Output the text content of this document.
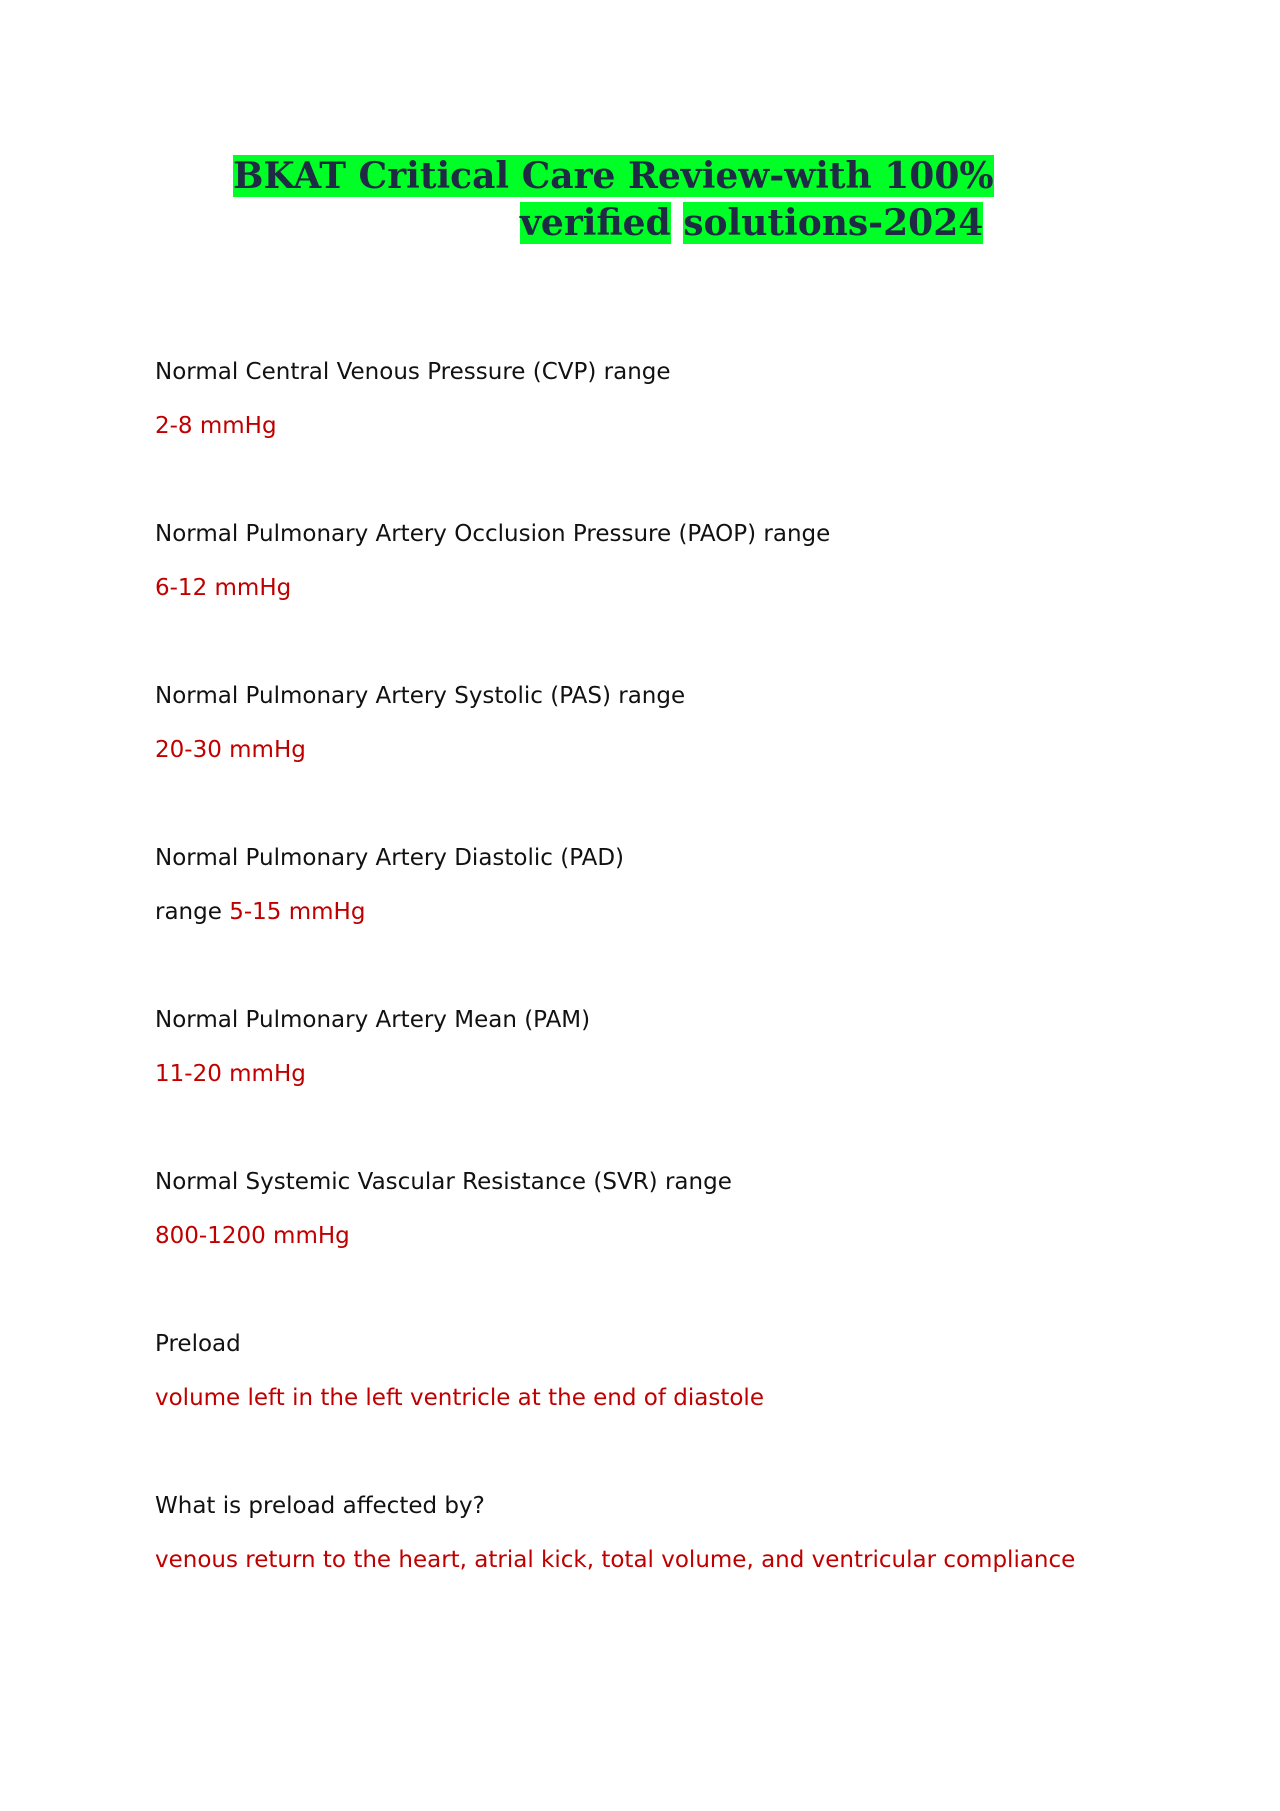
BKAT Critical Care Review-with 100%
verified solutions-2024
Normal Central Venous Pressure (CVP) range
2-8 mmHg
Normal Pulmonary Artery Occlusion Pressure (PAOP) range
6-12 mmHg
Normal Pulmonary Artery Systolic (PAS) range
20-30 mmHg
Normal Pulmonary Artery Diastolic (PAD)
range 5-15 mmHg
Normal Pulmonary Artery Mean (PAM)
11-20 mmHg
Normal Systemic Vascular Resistance (SVR) range
800-1200 mmHg
Preload
volume left in the left ventricle at the end of diastole
What is preload affected by?
venous return to the heart, atrial kick, total volume, and ventricular compliance
